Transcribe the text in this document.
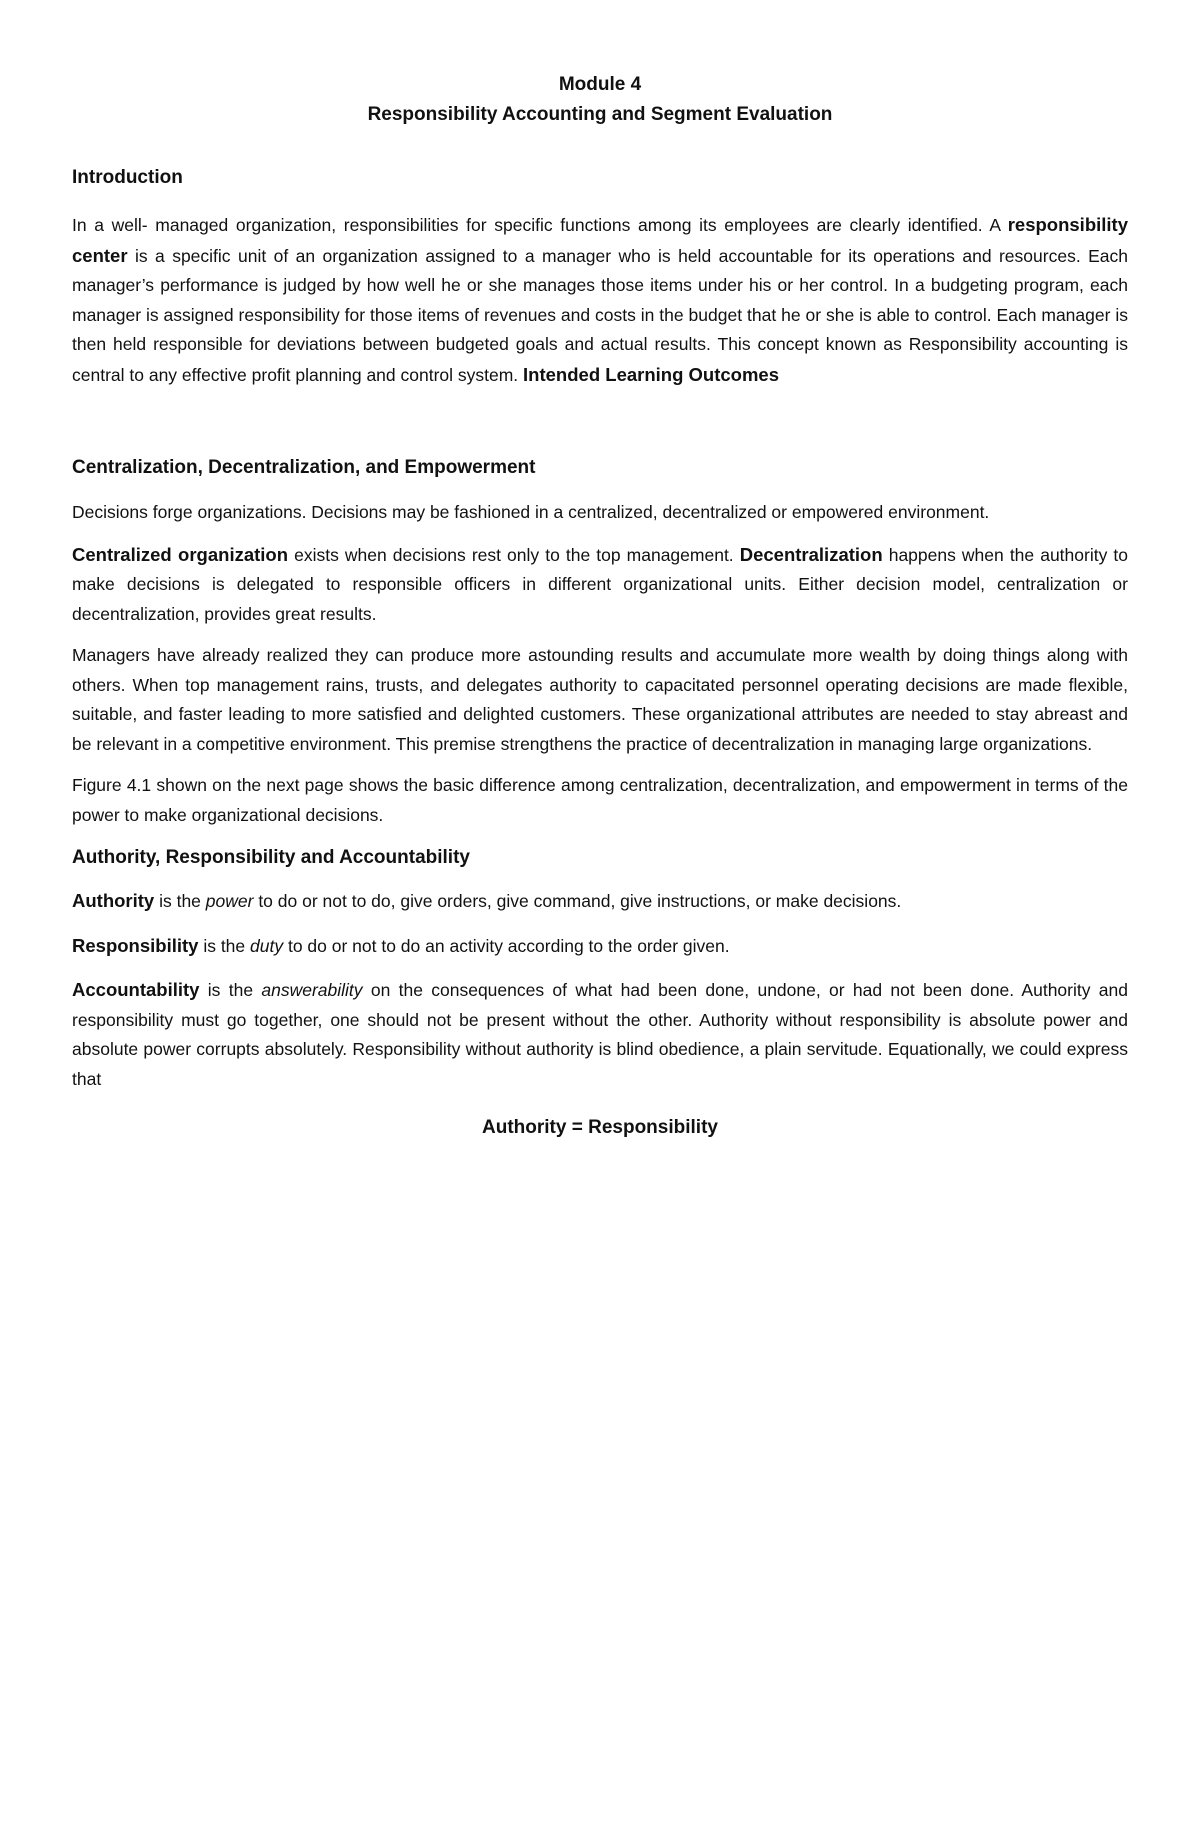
Module 4
Responsibility Accounting and Segment Evaluation
Introduction

In a well- managed organization, responsibilities for specific functions among its employees are clearly identified. A responsibility center is a specific unit of an organization assigned to a manager who is held accountable for its operations and resources. Each manager’s performance is judged by how well he or she manages those items under his or her control. In a budgeting program, each manager is assigned responsibility for those items of revenues and costs in the budget that he or she is able to control. Each manager is then held responsible for deviations between budgeted goals and actual results. This concept known as Responsibility accounting is central to any effective profit planning and control system. Intended Learning Outcomes

Centralization, Decentralization, and Empowerment

Decisions forge organizations. Decisions may be fashioned in a centralized, decentralized or empowered environment.

Centralized organization exists when decisions rest only to the top management. Decentralization happens when the authority to make decisions is delegated to responsible officers in different organizational units. Either decision model, centralization or decentralization, provides great results.

Managers have already realized they can produce more astounding results and accumulate more wealth by doing things along with others. When top management rains, trusts, and delegates authority to capacitated personnel operating decisions are made flexible, suitable, and faster leading to more satisfied and delighted customers. These organizational attributes are needed to stay abreast and be relevant in a competitive environment. This premise strengthens the practice of decentralization in managing large organizations.

Figure 4.1 shown on the next page shows the basic difference among centralization, decentralization, and empowerment in terms of the power to make organizational decisions.

Authority, Responsibility and Accountability

Authority is the power to do or not to do, give orders, give command, give instructions, or make decisions.

Responsibility is the duty to do or not to do an activity according to the order given.

Accountability is the answerability on the consequences of what had been done, undone, or had not been done. Authority and responsibility must go together, one should not be present without the other. Authority without responsibility is absolute power and absolute power corrupts absolutely. Responsibility without authority is blind obedience, a plain servitude. Equationally, we could express that

Authority = Responsibility
